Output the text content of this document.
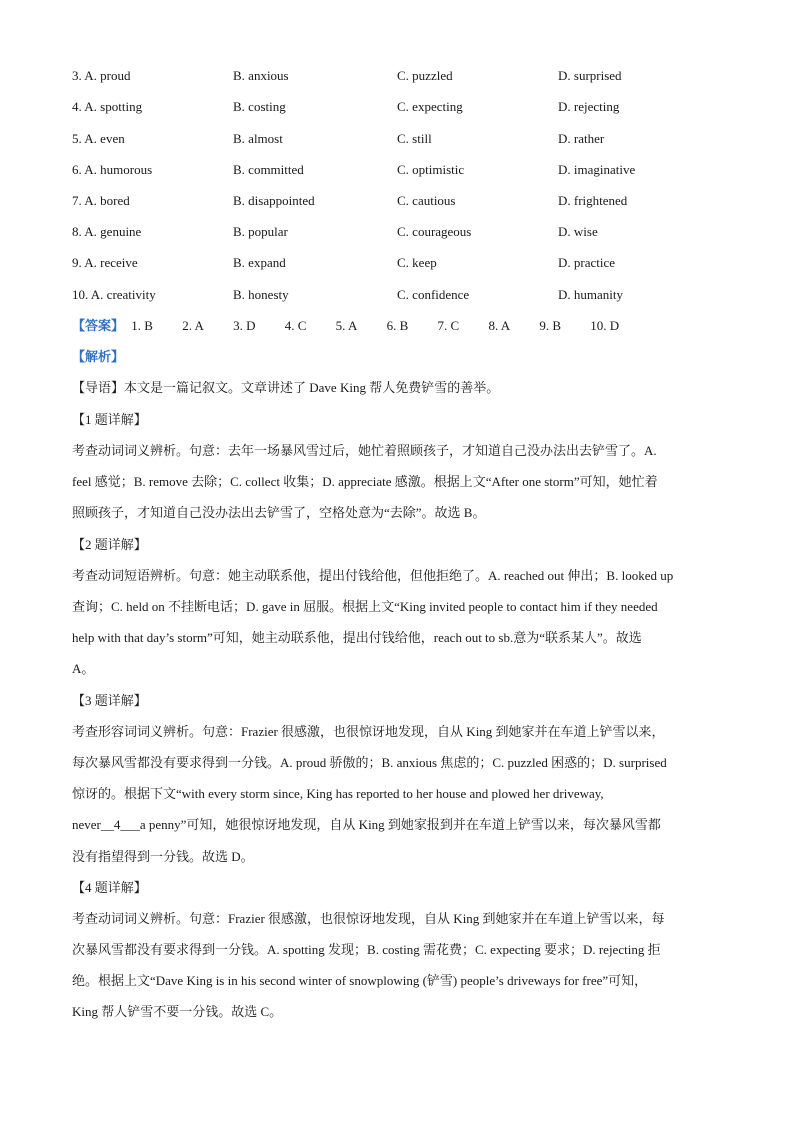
3. A. proud	B. anxious	C. puzzled	D. surprised
4. A. spotting	B. costing	C. expecting	D. rejecting
5. A. even	B. almost	C. still	D. rather
6. A. humorous	B. committed	C. optimistic	D. imaginative
7. A. bored	B. disappointed	C. cautious	D. frightened
8. A. genuine	B. popular	C. courageous	D. wise
9. A. receive	B. expand	C. keep	D. practice
10. A. creativity	B. honesty	C. confidence	D. humanity
【答案】 1. B 2. A 3. D 4. C 5. A 6. B 7. C 8. A 9. B 10. D
【解析】
【导语】本文是一篇记叙文。文章讲述了 Dave King 帮人免费铲雪的善举。
【1 题详解】
考查动词词义辨析。句意：去年一场暴风雪过后，她忙着照顾孩子，才知道自己没办法出去铲雪了。A.
feel 感觉；B. remove 去除；C. collect 收集；D. appreciate 感激。根据上文“After one storm”可知，她忙着
照顾孩子，才知道自己没办法出去铲雪了，空格处意为“去除”。故选 B。
【2 题详解】
考查动词短语辨析。句意：她主动联系他，提出付钱给他，但他拒绝了。A. reached out 伸出；B. looked up
查询；C. held on 不挂断电话；D. gave in 屈服。根据上文“King invited people to contact him if they needed
help with that day’s storm”可知，她主动联系他，提出付钱给他，reach out to sb.意为“联系某人”。故选
A。
【3 题详解】
考查形容词词义辨析。句意：Frazier 很感激，也很惊讶地发现，自从 King 到她家并在车道上铲雪以来，
每次暴风雪都没有要求得到一分钱。A. proud 骄傲的；B. anxious 焦虑的；C. puzzled 困惑的；D. surprised
惊讶的。根据下文“with every storm since, King has reported to her house and plowed her driveway,
never__4___a penny”可知，她很惊讶地发现，自从 King 到她家报到并在车道上铲雪以来，每次暴风雪都
没有指望得到一分钱。故选 D。
【4 题详解】
考查动词词义辨析。句意：Frazier 很感激，也很惊讶地发现，自从 King 到她家并在车道上铲雪以来，每
次暴风雪都没有要求得到一分钱。A. spotting 发现；B. costing 需花费；C. expecting 要求；D. rejecting 拒
绝。根据上文“Dave King is in his second winter of snowplowing (铲雪) people’s driveways for free”可知，
King 帮人铲雪不要一分钱。故选 C。
